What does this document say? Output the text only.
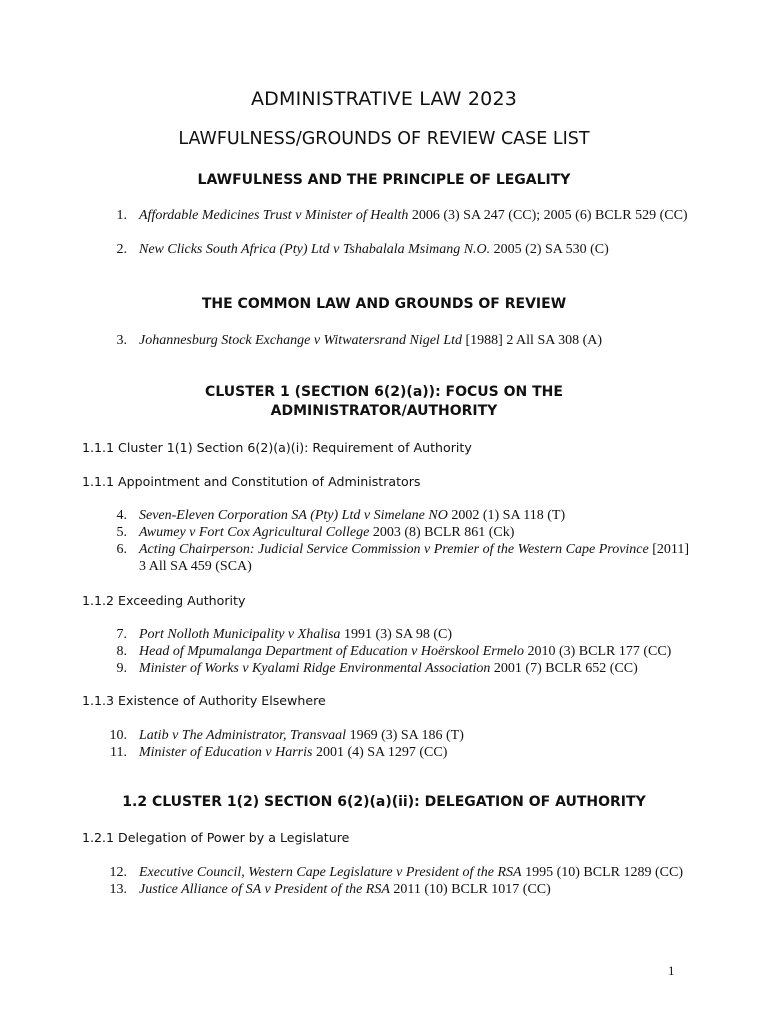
ADMINISTRATIVE LAW 2023
LAWFULNESS/GROUNDS OF REVIEW CASE LIST
LAWFULNESS AND THE PRINCIPLE OF LEGALITY
1. Affordable Medicines Trust v Minister of Health 2006 (3) SA 247 (CC); 2005 (6) BCLR 529 (CC)
2. New Clicks South Africa (Pty) Ltd v Tshabalala Msimang N.O. 2005 (2) SA 530 (C)
THE COMMON LAW AND GROUNDS OF REVIEW
3. Johannesburg Stock Exchange v Witwatersrand Nigel Ltd [1988] 2 All SA 308 (A)
CLUSTER 1 (SECTION 6(2)(a)): FOCUS ON THE
ADMINISTRATOR/AUTHORITY
1.1.1 Cluster 1(1) Section 6(2)(a)(i): Requirement of Authority
1.1.1 Appointment and Constitution of Administrators
4. Seven-Eleven Corporation SA (Pty) Ltd v Simelane NO 2002 (1) SA 118 (T)
5. Awumey v Fort Cox Agricultural College 2003 (8) BCLR 861 (Ck)
6. Acting Chairperson: Judicial Service Commission v Premier of the Western Cape Province [2011] 3 All SA 459 (SCA)
1.1.2 Exceeding Authority
7. Port Nolloth Municipality v Xhalisa 1991 (3) SA 98 (C)
8. Head of Mpumalanga Department of Education v Hoërskool Ermelo 2010 (3) BCLR 177 (CC)
9. Minister of Works v Kyalami Ridge Environmental Association 2001 (7) BCLR 652 (CC)
1.1.3 Existence of Authority Elsewhere
10. Latib v The Administrator, Transvaal 1969 (3) SA 186 (T)
11. Minister of Education v Harris 2001 (4) SA 1297 (CC)
1.2 CLUSTER 1(2) SECTION 6(2)(a)(ii): DELEGATION OF AUTHORITY
1.2.1 Delegation of Power by a Legislature
12. Executive Council, Western Cape Legislature v President of the RSA 1995 (10) BCLR 1289 (CC)
13. Justice Alliance of SA v President of the RSA 2011 (10) BCLR 1017 (CC)
1
